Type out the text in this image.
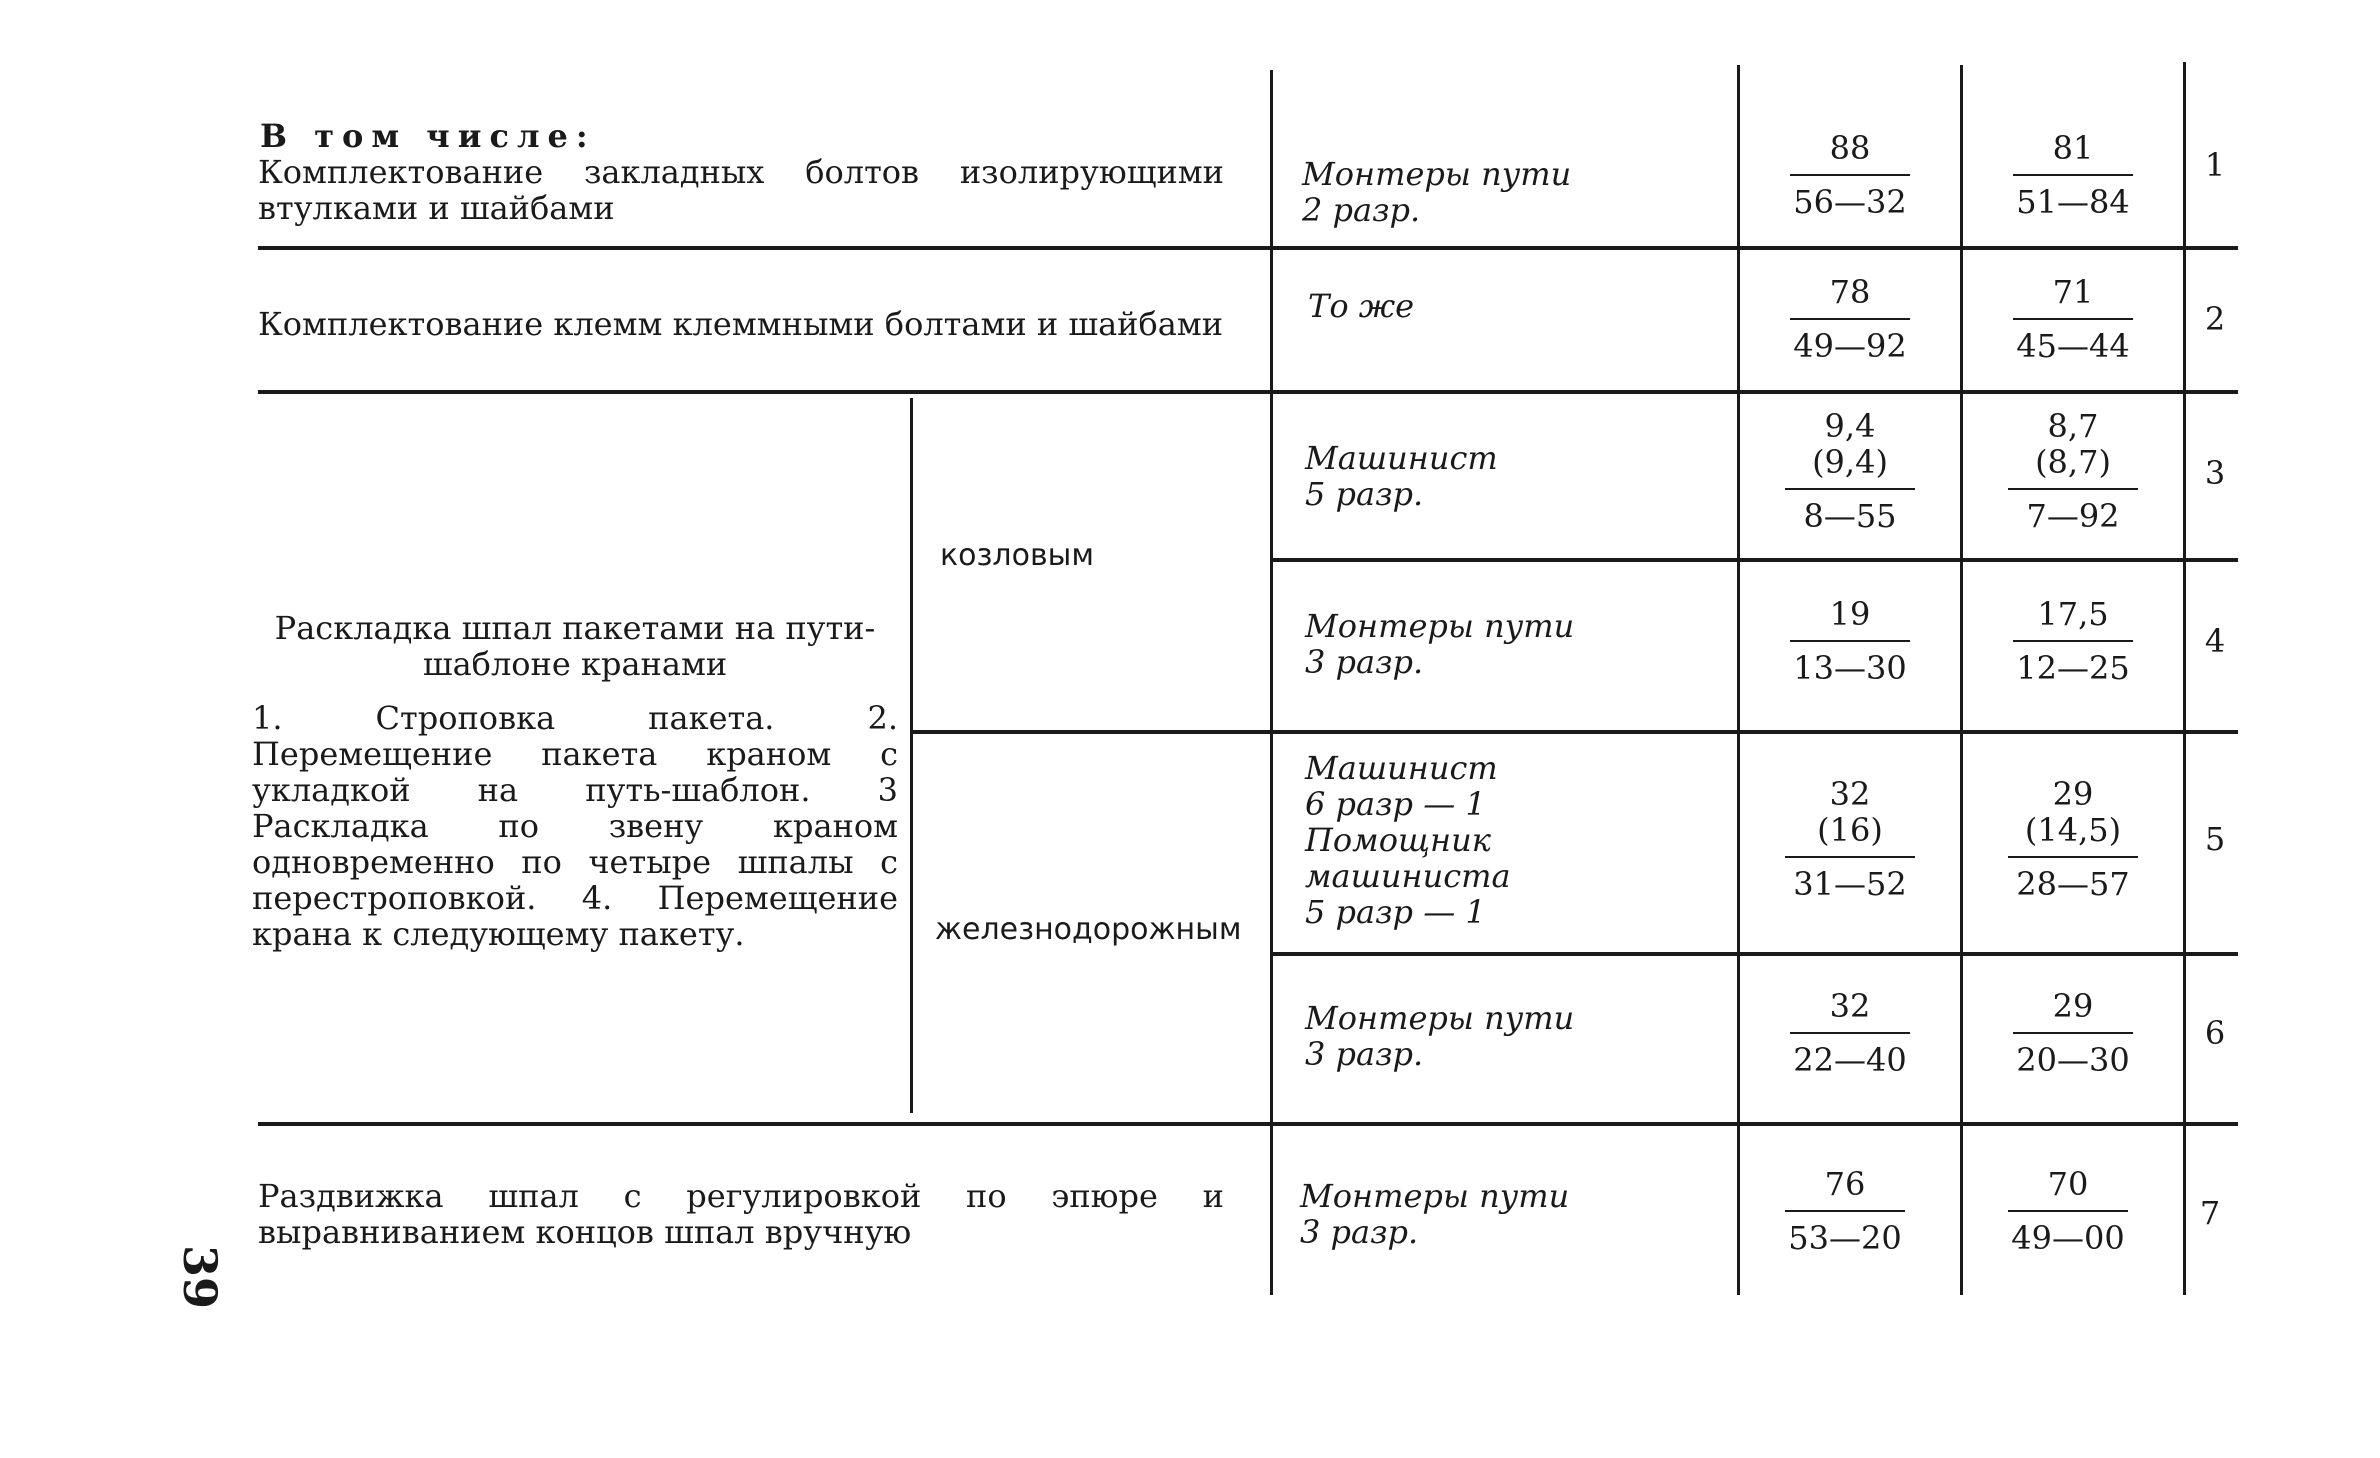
В том числе:
Комплектование закладных болтов изолирующими втулками и шайбами
Монтеры пути
2 разр.
88
56—32
81
51—84
1
Комплектование клемм клеммными болтами и шайбами	То же	78
49—92
71
45—44
2
Раскладка шпал пакетами на пути-шаблоне кранами
1. Строповка пакета. 2. Перемещение пакета краном с укладкой на путь-шаблон. 3 Раскладка по звену краном одновременно по четыре шпалы с перестроповкой. 4. Перемещение крана к следующему пакету.
козловым
железнодорожным
Машинист
5 разр.
9,4
(9,4)
8—55
8,7
(8,7)
7—92
3
Монтеры пути
3 разр.
19
13—30
17,5
12—25
4
Машинист
6 разр — 1
Помощник
машиниста
5 разр — 1
32
(16)
31—52
29
(14,5)
28—57
5
Монтеры пути
3 разр.
32
22—40
29
20—30
6
Раздвижка шпал с регулировкой по эпюре и выравниванием концов шпал вручную
Монтеры пути
3 разр.
76
53—20
70
49—00
7
39
